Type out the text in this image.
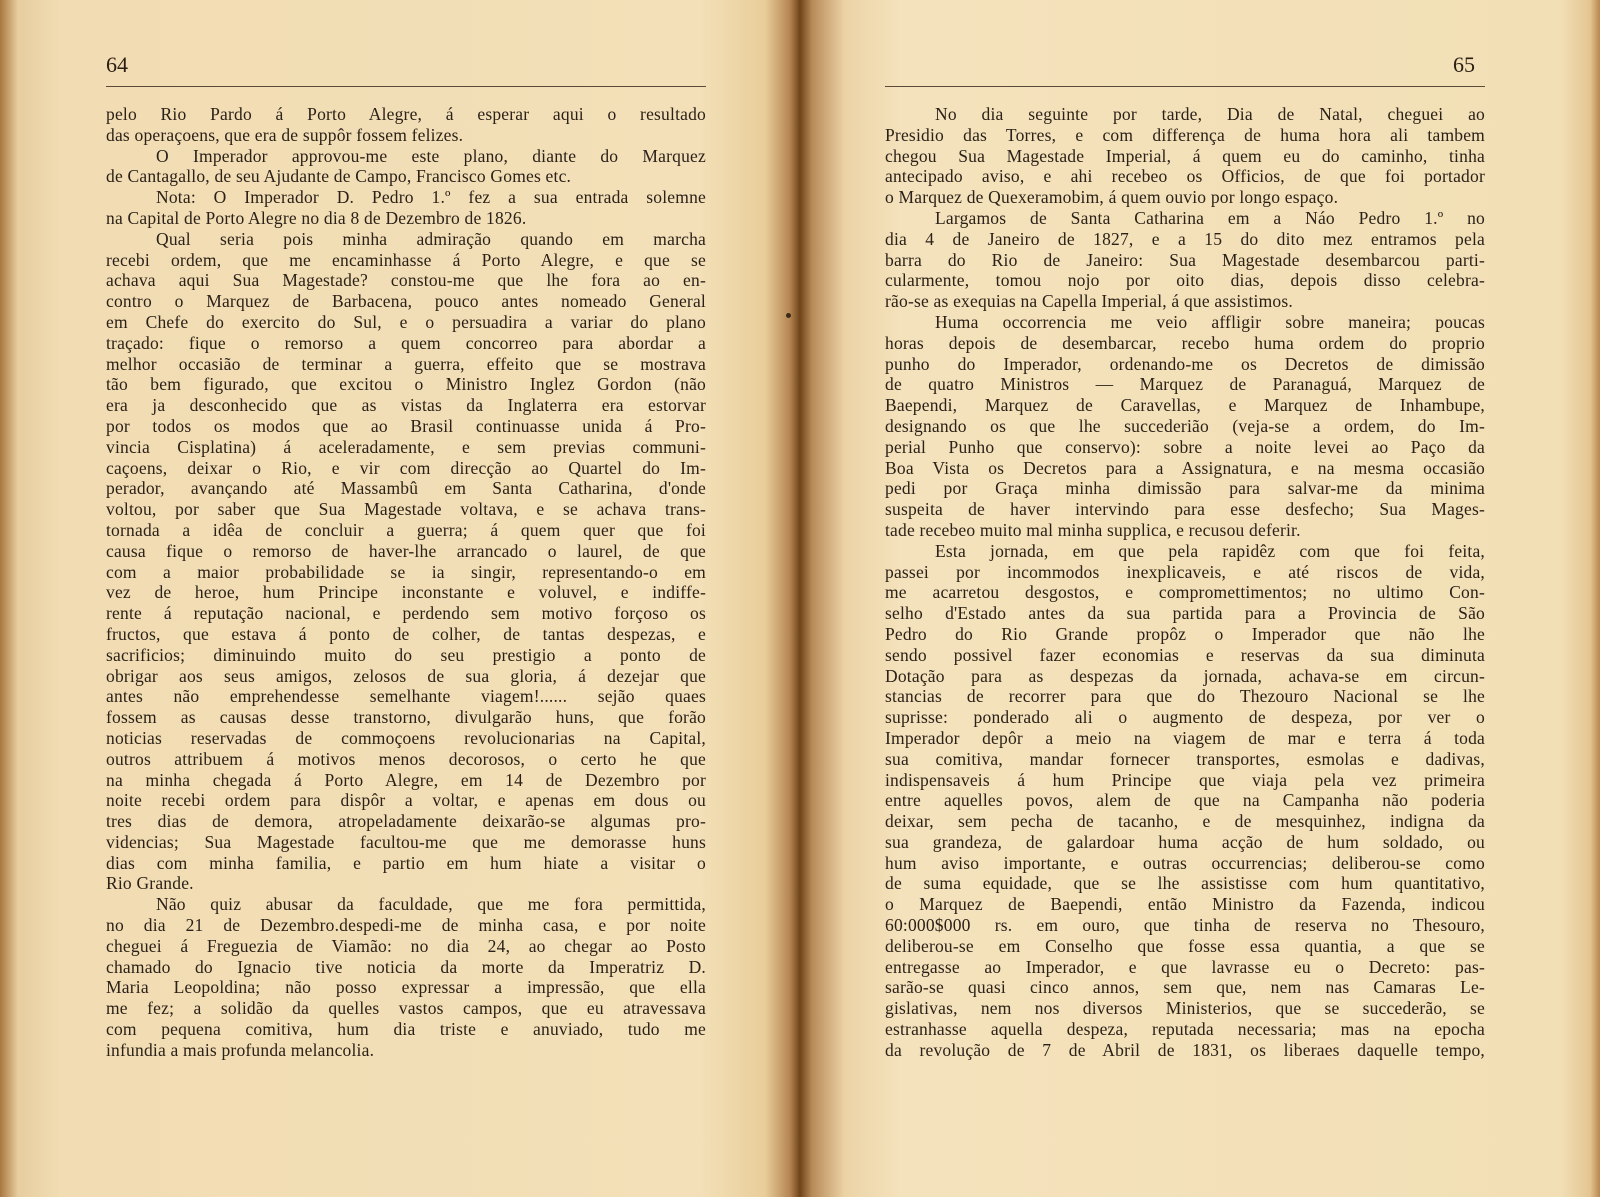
64
pelo Rio Pardo á Porto Alegre, á esperar aqui o resultado
das operaçoens, que era de suppôr fossem felizes.
O Imperador approvou-me este plano, diante do Marquez
de Cantagallo, de seu Ajudante de Campo, Francisco Gomes etc.
Nota: O Imperador D. Pedro 1.º fez a sua entrada solemne
na Capital de Porto Alegre no dia 8 de Dezembro de 1826.
Qual seria pois minha admiração quando em marcha
recebi ordem, que me encaminhasse á Porto Alegre, e que se
achava aqui Sua Magestade? constou-me que lhe fora ao en-
contro o Marquez de Barbacena, pouco antes nomeado General
em Chefe do exercito do Sul, e o persuadira a variar do plano
traçado: fique o remorso a quem concorreo para abordar a
melhor occasião de terminar a guerra, effeito que se mostrava
tão bem figurado, que excitou o Ministro Inglez Gordon (não
era ja desconhecido que as vistas da Inglaterra era estorvar
por todos os modos que ao Brasil continuasse unida á Pro-
vincia Cisplatina) á aceleradamente, e sem previas communi-
caçoens, deixar o Rio, e vir com direcção ao Quartel do Im-
perador, avançando até Massambû em Santa Catharina, d'onde
voltou, por saber que Sua Magestade voltava, e se achava trans-
tornada a idêa de concluir a guerra; á quem quer que foi
causa fique o remorso de haver-lhe arrancado o laurel, de que
com a maior probabilidade se ia singir, representando-o em
vez de heroe, hum Principe inconstante e voluvel, e indiffe-
rente á reputação nacional, e perdendo sem motivo forçoso os
fructos, que estava á ponto de colher, de tantas despezas, e
sacrificios; diminuindo muito do seu prestigio a ponto de
obrigar aos seus amigos, zelosos de sua gloria, á dezejar que
antes não emprehendesse semelhante viagem!...... sejão quaes
fossem as causas desse transtorno, divulgarão huns, que forão
noticias reservadas de commoçoens revolucionarias na Capital,
outros attribuem á motivos menos decorosos, o certo he que
na minha chegada á Porto Alegre, em 14 de Dezembro por
noite recebi ordem para dispôr a voltar, e apenas em dous ou
tres dias de demora, atropeladamente deixarão-se algumas pro-
videncias; Sua Magestade facultou-me que me demorasse huns
dias com minha familia, e partio em hum hiate a visitar o
Rio Grande.
Não quiz abusar da faculdade, que me fora permittida,
no dia 21 de Dezembro.despedi-me de minha casa, e por noite
cheguei á Freguezia de Viamão: no dia 24, ao chegar ao Posto
chamado do Ignacio tive noticia da morte da Imperatriz D.
Maria Leopoldina; não posso expressar a impressão, que ella
me fez; a solidão da quelles vastos campos, que eu atravessava
com pequena comitiva, hum dia triste e anuviado, tudo me
infundia a mais profunda melancolia.
65
No dia seguinte por tarde, Dia de Natal, cheguei ao
Presidio das Torres, e com differença de huma hora ali tambem
chegou Sua Magestade Imperial, á quem eu do caminho, tinha
antecipado aviso, e ahi recebeo os Officios, de que foi portador
o Marquez de Quexeramobim, á quem ouvio por longo espaço.
Largamos de Santa Catharina em a Náo Pedro 1.º no
dia 4 de Janeiro de 1827, e a 15 do dito mez entramos pela
barra do Rio de Janeiro: Sua Magestade desembarcou parti-
cularmente, tomou nojo por oito dias, depois disso celebra-
rão-se as exequias na Capella Imperial, á que assistimos.
Huma occorrencia me veio affligir sobre maneira; poucas
horas depois de desembarcar, recebo huma ordem do proprio
punho do Imperador, ordenando-me os Decretos de dimissão
de quatro Ministros — Marquez de Paranaguá, Marquez de
Baependi, Marquez de Caravellas, e Marquez de Inhambupe,
designando os que lhe succederião (veja-se a ordem, do Im-
perial Punho que conservo): sobre a noite levei ao Paço da
Boa Vista os Decretos para a Assignatura, e na mesma occasião
pedi por Graça minha dimissão para salvar-me da minima
suspeita de haver intervindo para esse desfecho; Sua Mages-
tade recebeo muito mal minha supplica, e recusou deferir.
Esta jornada, em que pela rapidêz com que foi feita,
passei por incommodos inexplicaveis, e até riscos de vida,
me acarretou desgostos, e compromettimentos; no ultimo Con-
selho d'Estado antes da sua partida para a Provincia de São
Pedro do Rio Grande propôz o Imperador que não lhe
sendo possivel fazer economias e reservas da sua diminuta
Dotação para as despezas da jornada, achava-se em circun-
stancias de recorrer para que do Thezouro Nacional se lhe
suprisse: ponderado ali o augmento de despeza, por ver o
Imperador depôr a meio na viagem de mar e terra á toda
sua comitiva, mandar fornecer transportes, esmolas e dadivas,
indispensaveis á hum Principe que viaja pela vez primeira
entre aquelles povos, alem de que na Campanha não poderia
deixar, sem pecha de tacanho, e de mesquinhez, indigna da
sua grandeza, de galardoar huma acção de hum soldado, ou
hum aviso importante, e outras occurrencias; deliberou-se como
de suma equidade, que se lhe assistisse com hum quantitativo,
o Marquez de Baependi, então Ministro da Fazenda, indicou
60:000$000 rs. em ouro, que tinha de reserva no Thesouro,
deliberou-se em Conselho que fosse essa quantia, a que se
entregasse ao Imperador, e que lavrasse eu o Decreto: pas-
sarão-se quasi cinco annos, sem que, nem nas Camaras Le-
gislativas, nem nos diversos Ministerios, que se succederão, se
estranhasse aquella despeza, reputada necessaria; mas na epocha
da revolução de 7 de Abril de 1831, os liberaes daquelle tempo,
